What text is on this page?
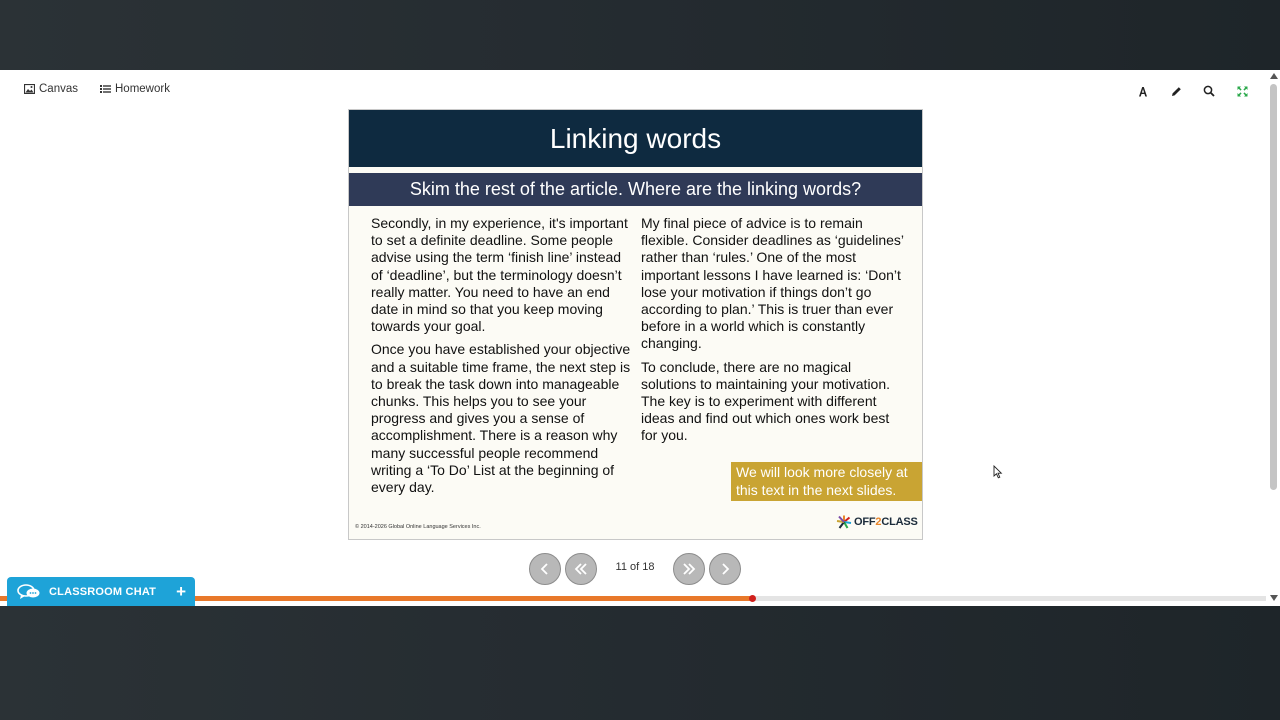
Canvas	Homework
Linking words
Skim the rest of the article. Where are the linking words?

Secondly, in my experience, it's important to set a definite deadline. Some people advise using the term ‘finish line’ instead of ‘deadline’, but the terminology doesn’t really matter. You need to have an end date in mind so that you keep moving towards your goal.

Once you have established your objective and a suitable time frame, the next step is to break the task down into manageable chunks. This helps you to see your progress and gives you a sense of accomplishment. There is a reason why many successful people recommend writing a ‘To Do’ List at the beginning of every day.

My final piece of advice is to remain flexible. Consider deadlines as ‘guidelines’ rather than ‘rules.’ One of the most important lessons I have learned is: ‘Don’t lose your motivation if things don’t go according to plan.’ This is truer than ever before in a world which is constantly changing.

To conclude, there are no magical solutions to maintaining your motivation. The key is to experiment with different ideas and find out which ones work best for you.

We will look more closely at this text in the next slides.
© 2014-2026 Global Online Language Services Inc.	OFF 2 CLASS
11 of 18
CLASSROOM CHAT +
